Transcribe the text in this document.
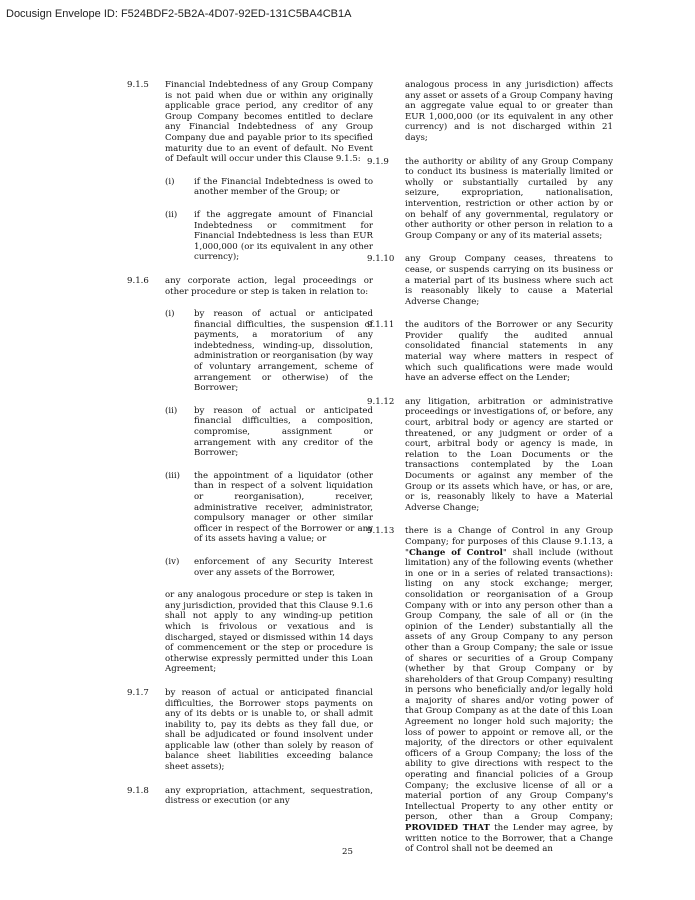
Docusign Envelope ID: F524BDF2-5B2A-4D07-92ED-131C5BA4CB1A
9.1.5 Financial Indebtedness of any Group Company is not paid when due or within any originally applicable grace period, any creditor of any Group Company becomes entitled to declare any Financial Indebtedness of any Group Company due and payable prior to its specified maturity due to an event of default. No Event of Default will occur under this Clause 9.1.5:

(i) if the Financial Indebtedness is owed to another member of the Group; or

(ii) if the aggregate amount of Financial Indebtedness or commitment for Financial Indebtedness is less than EUR 1,000,000 (or its equivalent in any other currency);

9.1.6 any corporate action, legal proceedings or other procedure or step is taken in relation to:

(i) by reason of actual or anticipated financial difficulties, the suspension of payments, a moratorium of any indebtedness, winding-up, dissolution, administration or reorganisation (by way of voluntary arrangement, scheme of arrangement or otherwise) of the Borrower;

(ii) by reason of actual or anticipated financial difficulties, a composition, compromise, assignment or arrangement with any creditor of the Borrower;

(iii) the appointment of a liquidator (other than in respect of a solvent liquidation or reorganisation), receiver, administrative receiver, administrator, compulsory manager or other similar officer in respect of the Borrower or any of its assets having a value; or

(iv) enforcement of any Security Interest over any assets of the Borrower,

or any analogous procedure or step is taken in any jurisdiction, provided that this Clause 9.1.6 shall not apply to any winding-up petition which is frivolous or vexatious and is discharged, stayed or dismissed within 14 days of commencement or the step or procedure is otherwise expressly permitted under this Loan Agreement;

9.1.7 by reason of actual or anticipated financial difficulties, the Borrower stops payments on any of its debts or is unable to, or shall admit inability to, pay its debts as they fall due, or shall be adjudicated or found insolvent under applicable law (other than solely by reason of balance sheet liabilities exceeding balance sheet assets);

9.1.8 any expropriation, attachment, sequestration, distress or execution (or any

analogous process in any jurisdiction) affects any asset or assets of a Group Company having an aggregate value equal to or greater than EUR 1,000,000 (or its equivalent in any other currency) and is not discharged within 21 days;

9.1.9 the authority or ability of any Group Company to conduct its business is materially limited or wholly or substantially curtailed by any seizure, expropriation, nationalisation, intervention, restriction or other action by or on behalf of any governmental, regulatory or other authority or other person in relation to a Group Company or any of its material assets;

9.1.10 any Group Company ceases, threatens to cease, or suspends carrying on its business or a material part of its business where such act is reasonably likely to cause a Material Adverse Change;

9.1.11 the auditors of the Borrower or any Security Provider qualify the audited annual consolidated financial statements in any material way where matters in respect of which such qualifications were made would have an adverse effect on the Lender;

9.1.12 any litigation, arbitration or administrative proceedings or investigations of, or before, any court, arbitral body or agency are started or threatened, or any judgment or order of a court, arbitral body or agency is made, in relation to the Loan Documents or the transactions contemplated by the Loan Documents or against any member of the Group or its assets which have, or has, or are, or is, reasonably likely to have a Material Adverse Change;

9.1.13 there is a Change of Control in any Group Company; for purposes of this Clause 9.1.13, a "Change of Control" shall include (without limitation) any of the following events (whether in one or in a series of related transactions): listing on any stock exchange; merger, consolidation or reorganisation of a Group Company with or into any person other than a Group Company, the sale of all or (in the opinion of the Lender) substantially all the assets of any Group Company to any person other than a Group Company; the sale or issue of shares or securities of a Group Company (whether by that Group Company or by shareholders of that Group Company) resulting in persons who beneficially and/or legally hold a majority of shares and/or voting power of that Group Company as at the date of this Loan Agreement no longer hold such majority; the loss of power to appoint or remove all, or the majority, of the directors or other equivalent officers of a Group Company; the loss of the ability to give directions with respect to the operating and financial policies of a Group Company; the exclusive license of all or a material portion of any Group Company's Intellectual Property to any other entity or person, other than a Group Company; PROVIDED THAT the Lender may agree, by written notice to the Borrower, that a Change of Control shall not be deemed an

25
